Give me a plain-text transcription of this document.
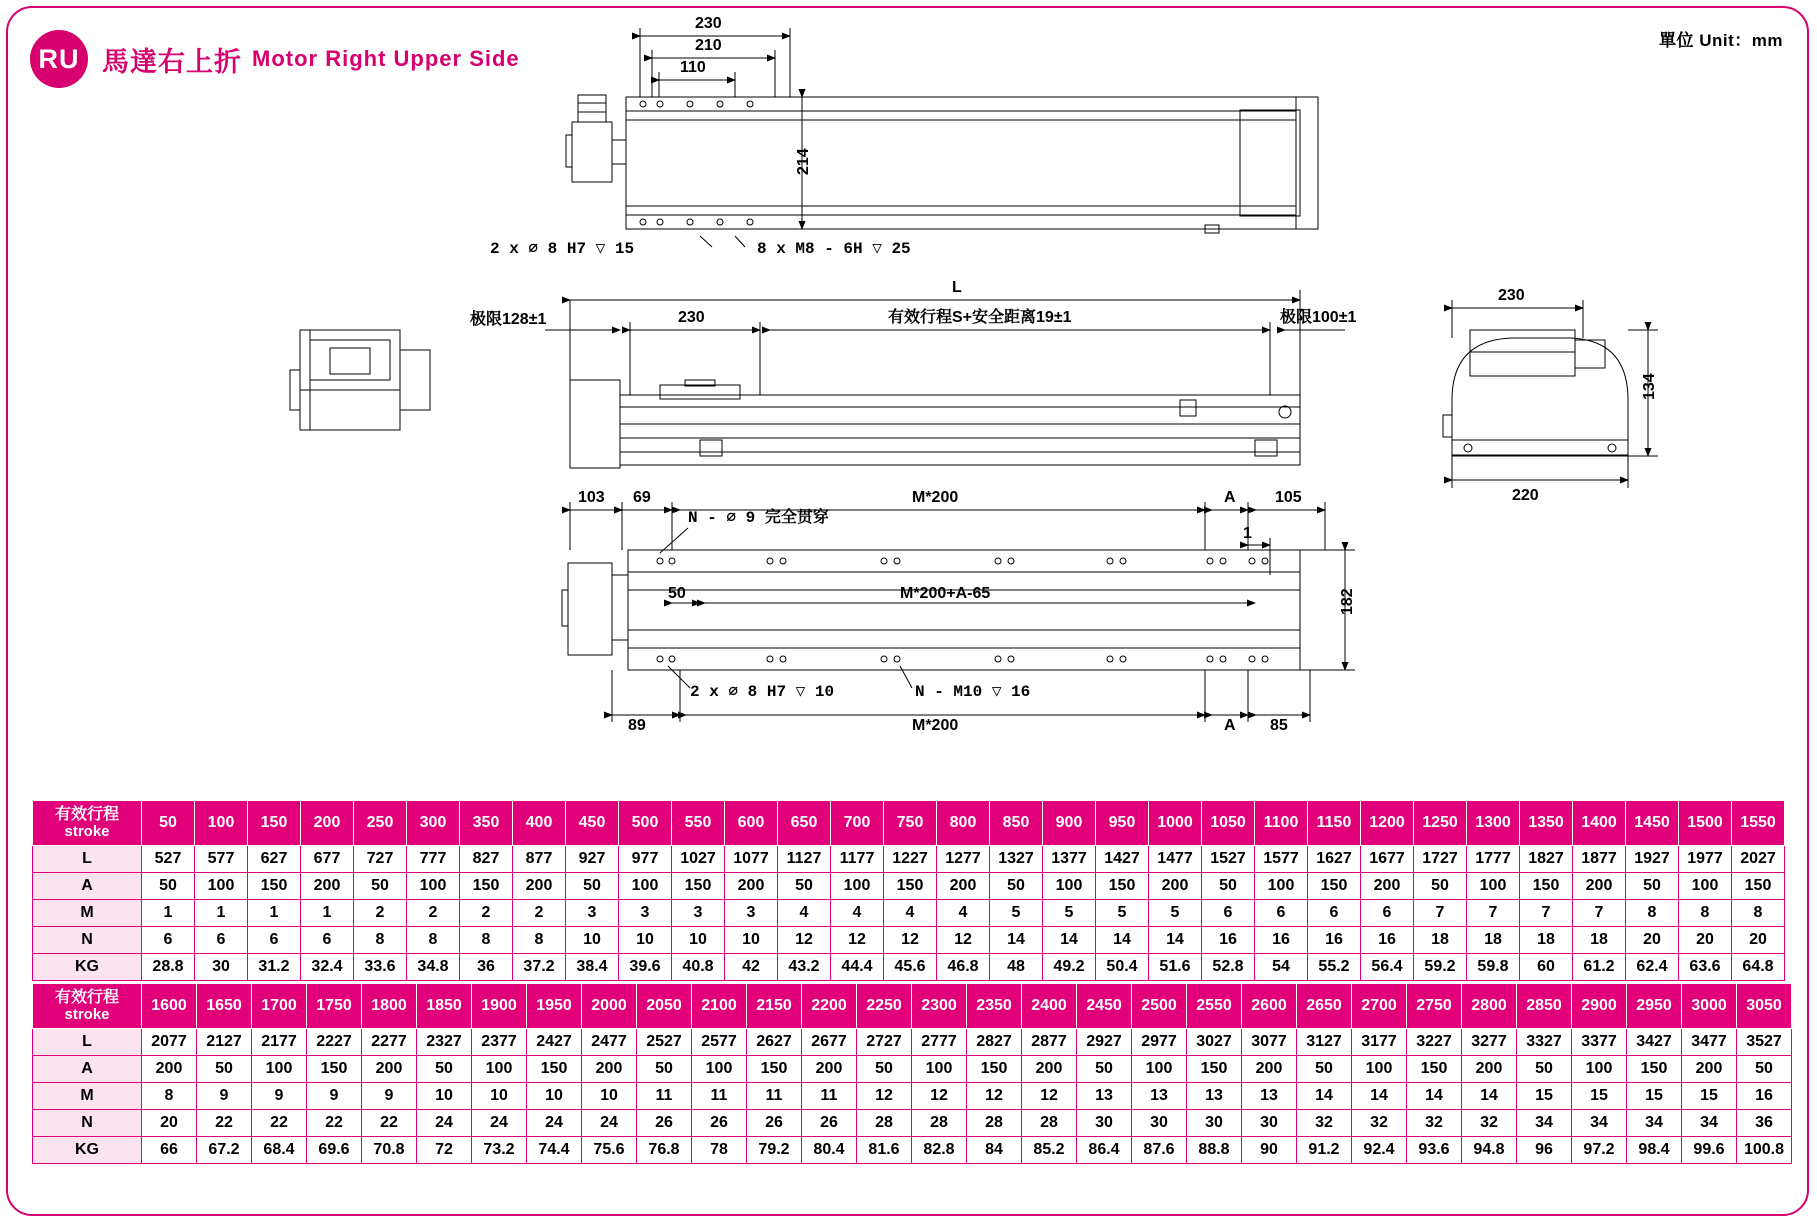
RU 馬達右上折 Motor Right Upper Side
單位 Unit：mm
2 x ∅ 8 H7 ▽ 15	8 x M8 - 6H ▽ 25
110
210
230
214
L
极限128±1	230	有效行程S+安全距离19±1	极限100±1
230
134
220
103 69	M*200	A 105
1
N - ∅ 9 完全贯穿
50	M*200+A-65	182
2 x ∅ 8 H7 ▽ 10	N - M10 ▽ 16
89	M*200	A 85
有效行程
stroke	50	100	150	200	250	300	350	400	450	500	550	600	650	700	750	800	850	900	950	1000	1050	1100	1150	1200	1250	1300	1350	1400	1450	1500	1550
L	527	577	627	677	727	777	827	877	927	977	1027	1077	1127	1177	1227	1277	1327	1377	1427	1477	1527	1577	1627	1677	1727	1777	1827	1877	1927	1977	2027
A	50	100	150	200	50	100	150	200	50	100	150	200	50	100	150	200	50	100	150	200	50	100	150	200	50	100	150	200	50	100	150
M	1	1	1	1	2	2	2	2	3	3	3	3	4	4	4	4	5	5	5	5	6	6	6	6	7	7	7	7	8	8	8
N	6	6	6	6	8	8	8	8	10	10	10	10	12	12	12	12	14	14	14	14	16	16	16	16	18	18	18	18	20	20	20
KG	28.8	30	31.2	32.4	33.6	34.8	36	37.2	38.4	39.6	40.8	42	43.2	44.4	45.6	46.8	48	49.2	50.4	51.6	52.8	54	55.2	56.4	59.2	59.8	60	61.2	62.4	63.6	64.8
有效行程
stroke	1600	1650	1700	1750	1800	1850	1900	1950	2000	2050	2100	2150	2200	2250	2300	2350	2400	2450	2500	2550	2600	2650	2700	2750	2800	2850	2900	2950	3000	3050
L	2077	2127	2177	2227	2277	2327	2377	2427	2477	2527	2577	2627	2677	2727	2777	2827	2877	2927	2977	3027	3077	3127	3177	3227	3277	3327	3377	3427	3477	3527
A	200	50	100	150	200	50	100	150	200	50	100	150	200	50	100	150	200	50	100	150	200	50	100	150	200	50	100	150	200	50
M	8	9	9	9	9	10	10	10	10	11	11	11	11	12	12	12	12	13	13	13	13	14	14	14	14	15	15	15	15	16
N	20	22	22	22	22	24	24	24	24	26	26	26	26	28	28	28	28	30	30	30	30	32	32	32	32	34	34	34	34	36
KG	66	67.2	68.4	69.6	70.8	72	73.2	74.4	75.6	76.8	78	79.2	80.4	81.6	82.8	84	85.2	86.4	87.6	88.8	90	91.2	92.4	93.6	94.8	96	97.2	98.4	99.6	100.8
